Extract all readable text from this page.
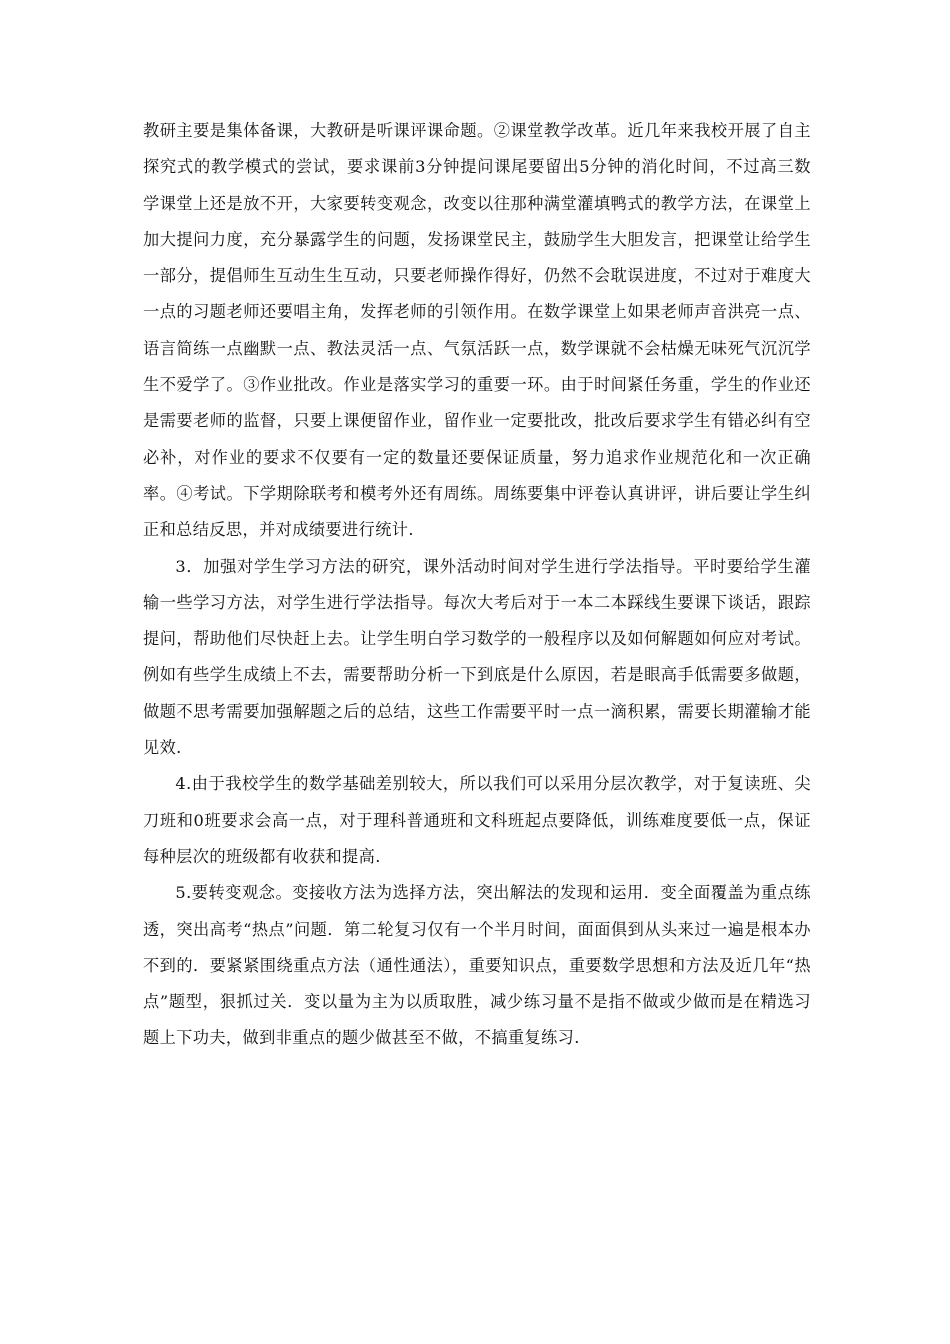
教研主要是集体备课，大教研是听课评课命题。②课堂教学改革。近几年来我校开展了自主探究式的教学模式的尝试，要求课前3分钟提问课尾要留出5分钟的消化时间，不过高三数学课堂上还是放不开，大家要转变观念，改变以往那种满堂灌填鸭式的教学方法，在课堂上加大提问力度，充分暴露学生的问题，发扬课堂民主，鼓励学生大胆发言，把课堂让给学生一部分，提倡师生互动生生互动，只要老师操作得好，仍然不会耽误进度，不过对于难度大一点的习题老师还要唱主角，发挥老师的引领作用。在数学课堂上如果老师声音洪亮一点、语言简练一点幽默一点、教法灵活一点、气氛活跃一点，数学课就不会枯燥无味死气沉沉学生不爱学了。③作业批改。作业是落实学习的重要一环。由于时间紧任务重，学生的作业还是需要老师的监督，只要上课便留作业，留作业一定要批改，批改后要求学生有错必纠有空必补，对作业的要求不仅要有一定的数量还要保证质量，努力追求作业规范化和一次正确率。④考试。下学期除联考和模考外还有周练。周练要集中评卷认真讲评，讲后要让学生纠正和总结反思，并对成绩要进行统计.

3．加强对学生学习方法的研究，课外活动时间对学生进行学法指导。平时要给学生灌输一些学习方法，对学生进行学法指导。每次大考后对于一本二本踩线生要课下谈话，跟踪提问，帮助他们尽快赶上去。让学生明白学习数学的一般程序以及如何解题如何应对考试。例如有些学生成绩上不去，需要帮助分析一下到底是什么原因，若是眼高手低需要多做题，做题不思考需要加强解题之后的总结，这些工作需要平时一点一滴积累，需要长期灌输才能见效.

4.由于我校学生的数学基础差别较大，所以我们可以采用分层次教学，对于复读班、尖刀班和0班要求会高一点，对于理科普通班和文科班起点要降低，训练难度要低一点，保证每种层次的班级都有收获和提高.

5.要转变观念。变接收方法为选择方法，突出解法的发现和运用．变全面覆盖为重点练透，突出高考“热点”问题．第二轮复习仅有一个半月时间，面面俱到从头来过一遍是根本办不到的．要紧紧围绕重点方法（通性通法），重要知识点，重要数学思想和方法及近几年“热点”题型，狠抓过关．变以量为主为以质取胜，减少练习量不是指不做或少做而是在精选习题上下功夫，做到非重点的题少做甚至不做，不搞重复练习.
